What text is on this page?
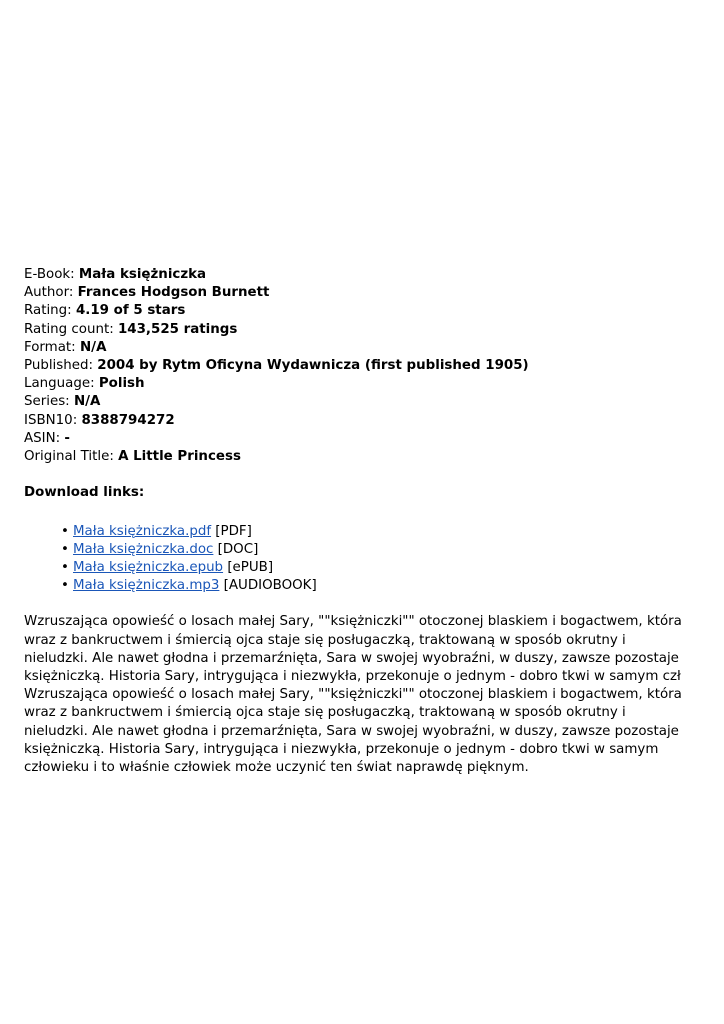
E-Book: Mała księżniczka
Author: Frances Hodgson Burnett
Rating: 4.19 of 5 stars
Rating count: 143,525 ratings
Format: N/A
Published: 2004 by Rytm Oficyna Wydawnicza (first published 1905)
Language: Polish
Series: N/A
ISBN10: 8388794272
ASIN: -
Original Title: A Little Princess
Download links:
• Mała księżniczka.pdf [PDF]
• Mała księżniczka.doc [DOC]
• Mała księżniczka.epub [ePUB]
• Mała księżniczka.mp3 [AUDIOBOOK]

Wzruszająca opowieść o losach małej Sary, ""księżniczki"" otoczonej blaskiem i bogactwem, która wraz z bankructwem i śmiercią ojca staje się posługaczką, traktowaną w sposób okrutny i nieludzki. Ale nawet głodna i przemarźnięta, Sara w swojej wyobraźni, w duszy, zawsze pozostaje księżniczką. Historia Sary, intrygująca i niezwykła, przekonuje o jednym - dobro tkwi w samym czł Wzruszająca opowieść o losach małej Sary, ""księżniczki"" otoczonej blaskiem i bogactwem, która wraz z bankructwem i śmiercią ojca staje się posługaczką, traktowaną w sposób okrutny i nieludzki. Ale nawet głodna i przemarźnięta, Sara w swojej wyobraźni, w duszy, zawsze pozostaje księżniczką. Historia Sary, intrygująca i niezwykła, przekonuje o jednym - dobro tkwi w samym człowieku i to właśnie człowiek może uczynić ten świat naprawdę pięknym.
